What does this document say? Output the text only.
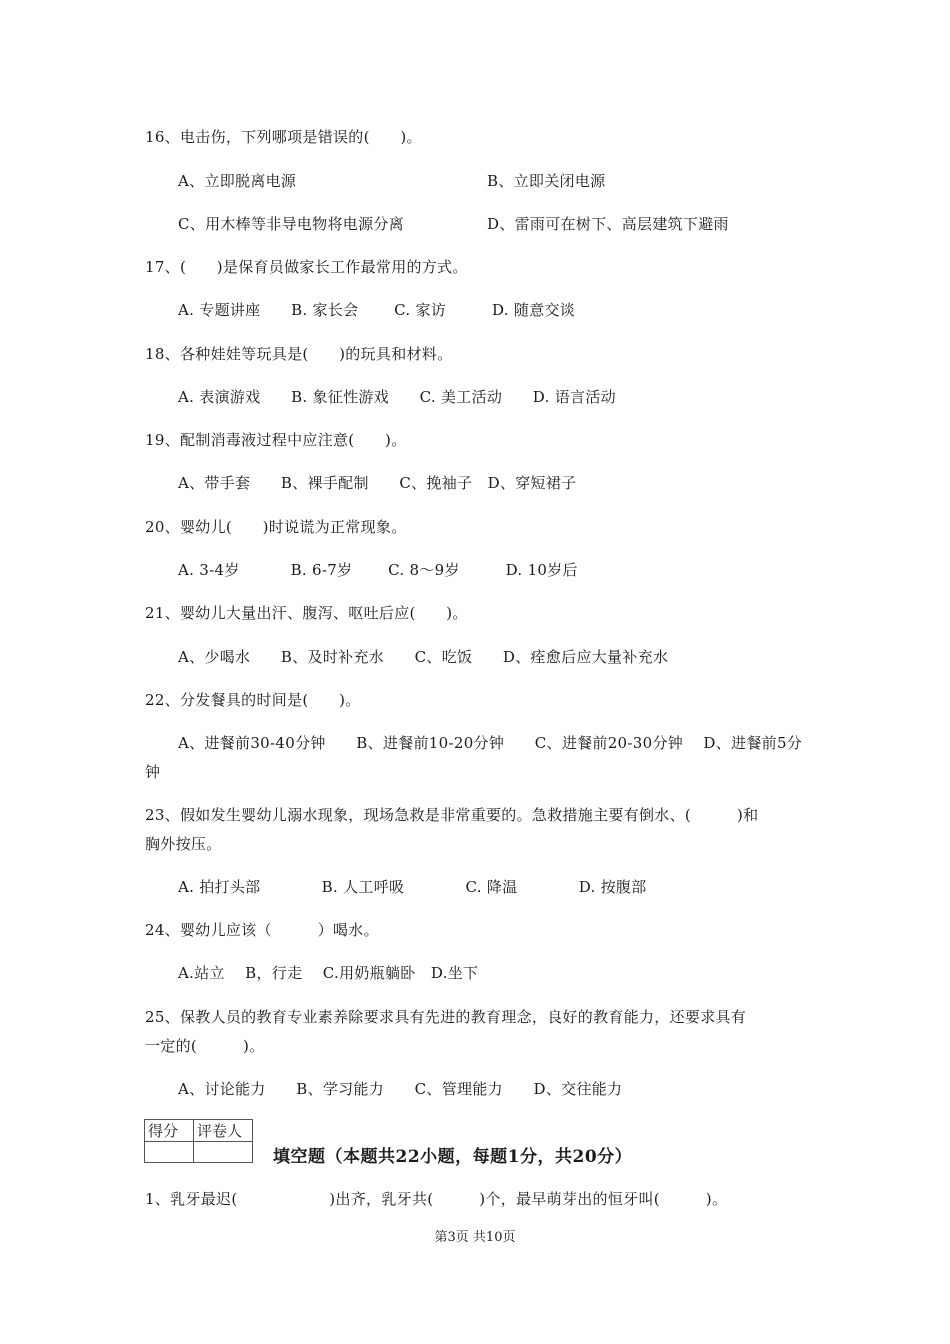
16、电击伤，下列哪项是错误的(　　)。
A、立即脱离电源	B、立即关闭电源
C、用木棒等非导电物将电源分离	D、雷雨可在树下、高层建筑下避雨
17、(　　)是保育员做家长工作最常用的方式。
A. 专题讲座　　B. 家长会　　 C. 家访　　　D. 随意交谈
18、各种娃娃等玩具是(　　)的玩具和材料。
A. 表演游戏　　B. 象征性游戏　　C. 美工活动　　D. 语言活动
19、配制消毒液过程中应注意(　　)。
A、带手套　　B、裸手配制　　C、挽袖子　D、穿短裙子
20、婴幼儿(　　)时说谎为正常现象。
A. 3-4岁　　　 B. 6-7岁　　 C. 8～9岁　　　D. 10岁后
21、婴幼儿大量出汗、腹泻、呕吐后应(　　)。
A、少喝水　　B、及时补充水　　C、吃饭　　D、痊愈后应大量补充水
22、分发餐具的时间是(　　)。
A、进餐前30-40分钟　　B、进餐前10-20分钟　　C、进餐前20-30分钟　 D、进餐前5分
钟
23、假如发生婴幼儿溺水现象，现场急救是非常重要的。急救措施主要有倒水、(　　　)和
胸外按压。
A. 拍打头部　　　　B. 人工呼吸　　　　C. 降温　　　　D. 按腹部
24、婴幼儿应该（　　　）喝水。
A.站立　 B，行走　 C.用奶瓶躺卧　D.坐下
25、保教人员的教育专业素养除要求具有先进的教育理念，良好的教育能力，还要求具有
一定的(　　　)。
A、讨论能力　　B、学习能力　　C、管理能力　　D、交往能力
得分	评卷人

填空题（本题共22小题，每题1分，共20分）
1、乳牙最迟(　　　　　　)出齐，乳牙共(　　　)个，最早萌芽出的恒牙叫(　　　)。
第3页 共10页
